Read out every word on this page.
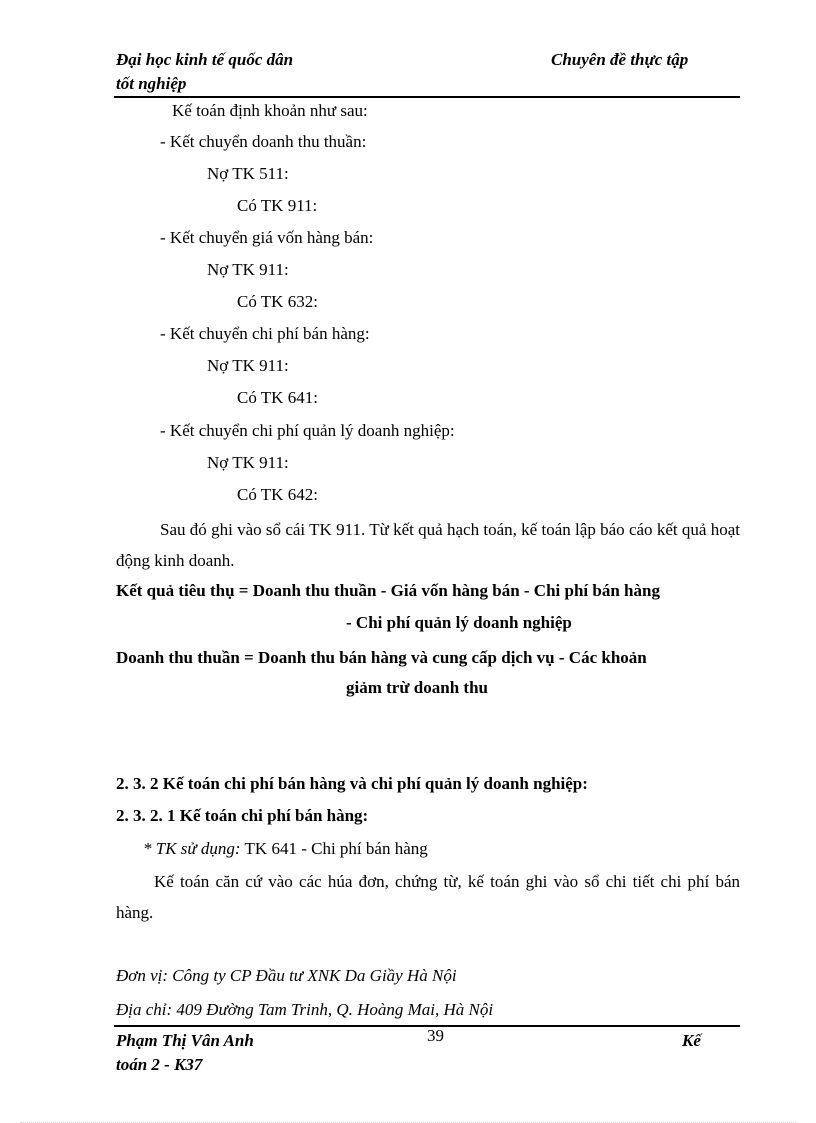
Đại học kinh tế quốc dân	Chuyên đề thực tập
tốt nghiệp
Kế toán định khoản như sau:
- Kết chuyển doanh thu thuần:
Nợ TK 511:
Có TK 911:
- Kết chuyển giá vốn hàng bán:
Nợ TK 911:
Có TK 632:
- Kết chuyển chi phí bán hàng:
Nợ TK 911:
Có TK 641:
- Kết chuyển chi phí quản lý doanh nghiệp:
Nợ TK 911:
Có TK 642:
Sau đó ghi vào sổ cái TK 911. Từ kết quả hạch toán, kế toán lập báo cáo kết quả hoạt động kinh doanh.
Kết quả tiêu thụ = Doanh thu thuần - Giá vốn hàng bán - Chi phí bán hàng
- Chi phí quản lý doanh nghiệp
Doanh thu thuần = Doanh thu bán hàng và cung cấp dịch vụ - Các khoản
giảm trừ doanh thu
2. 3. 2 Kế toán chi phí bán hàng và chi phí quản lý doanh nghiệp:
2. 3. 2. 1 Kế toán chi phí bán hàng:
* TK sử dụng: TK 641 - Chi phí bán hàng
Kế toán căn cứ vào các húa đơn, chứng từ, kế toán ghi vào sổ chi tiết chi phí bán hàng.
Đơn vị: Công ty CP Đầu tư XNK Da Giầy Hà Nội
Địa chỉ: 409 Đường Tam Trinh, Q. Hoàng Mai, Hà Nội
Phạm Thị Vân Anh	39	Kế
toán 2 - K37
